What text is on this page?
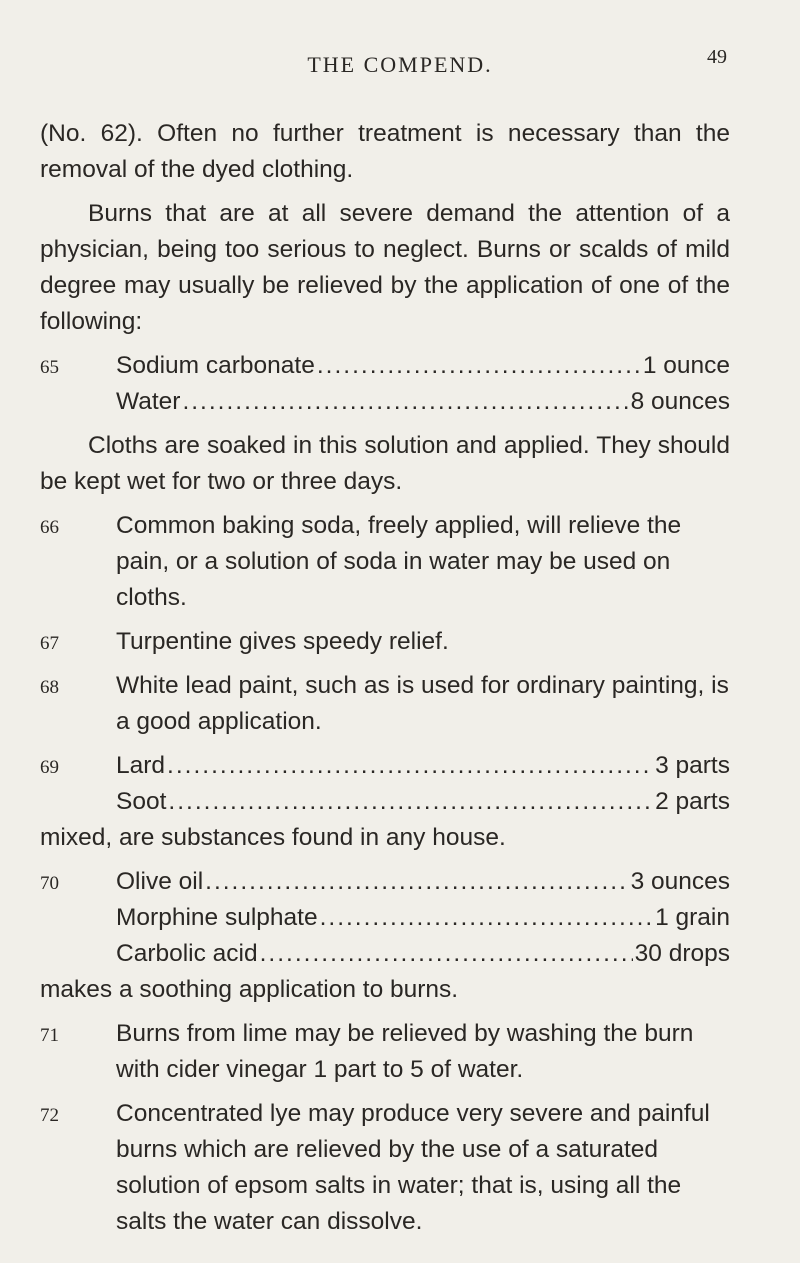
THE COMPEND.	49

(No. 62). Often no further treatment is necessary than the removal of the dyed clothing.

Burns that are at all severe demand the attention of a physician, being too serious to neglect. Burns or scalds of mild degree may usually be relieved by the application of one of the following:

65 Sodium carbonate .....	1 ounce
Water .....	8 ounces

Cloths are soaked in this solution and applied. They should be kept wet for two or three days.

66 Common baking soda, freely applied, will relieve the pain, or a solution of soda in water may be used on cloths.
67 Turpentine gives speedy relief.
68 White lead paint, such as is used for ordinary painting, is a good application.
69 Lard .....	3 parts
Soot .....	2 parts

mixed, are substances found in any house.

70 Olive oil .....	3 ounces
Morphine sulphate .....	1 grain
Carbolic acid .....	30 drops

makes a soothing application to burns.

71 Burns from lime may be relieved by washing the burn with cider vinegar 1 part to 5 of water.
72 Concentrated lye may produce very severe and painful burns which are relieved by the use of a saturated solution of epsom salts in water; that is, using all the salts the water can dissolve.
